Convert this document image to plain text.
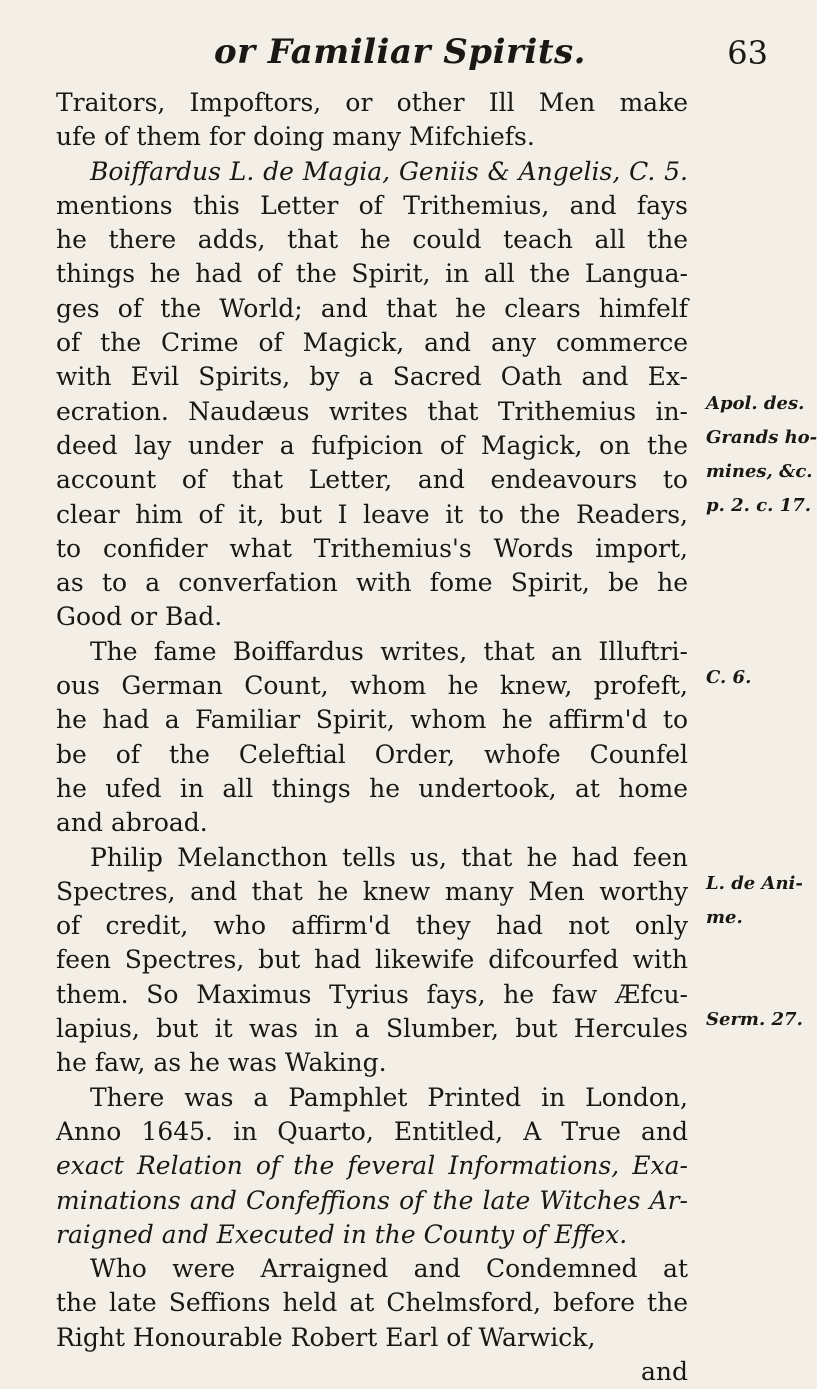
or Familiar Spirits.	63
Traitors, Impoftors, or other Ill Men make
ufe of them for doing many Mifchiefs.
Boiffardus L. de Magia, Geniis & Angelis, C. 5.
mentions this Letter of Trithemius, and fays
he there adds, that he could teach all the
things he had of the Spirit, in all the Langua-
ges of the World; and that he clears himfelf
of the Crime of Magick, and any commerce
with Evil Spirits, by a Sacred Oath and Ex-
ecration. Naudæus writes that Trithemius in-
deed lay under a fufpicion of Magick, on the
account of that Letter, and endeavours to
clear him of it, but I leave it to the Readers,
to confider what Trithemius's Words import,
as to a converfation with fome Spirit, be he
Good or Bad.
The fame Boiffardus writes, that an Illuftri-
ous German Count, whom he knew, profeft,
he had a Familiar Spirit, whom he affirm'd to
be of the Celeftial Order, whofe Counfel
he ufed in all things he undertook, at home
and abroad.
Philip Melancthon tells us, that he had feen
Spectres, and that he knew many Men worthy
of credit, who affirm'd they had not only
feen Spectres, but had likewife difcourfed with
them. So Maximus Tyrius fays, he faw Æfcu-
lapius, but it was in a Slumber, but Hercules
he faw, as he was Waking.
There was a Pamphlet Printed in London,
Anno 1645. in Quarto, Entitled, A True and
exact Relation of the feveral Informations, Exa-
minations and Confeffions of the late Witches Ar-
raigned and Executed in the County of Effex.
Who were Arraigned and Condemned at
the late Seffions held at Chelmsford, before the
Right Honourable Robert Earl of Warwick,
and
Apol. des.
Grands ho-
mines, &c.
p. 2. c. 17.
C. 6.
L. de Ani-
me.
Serm. 27.
